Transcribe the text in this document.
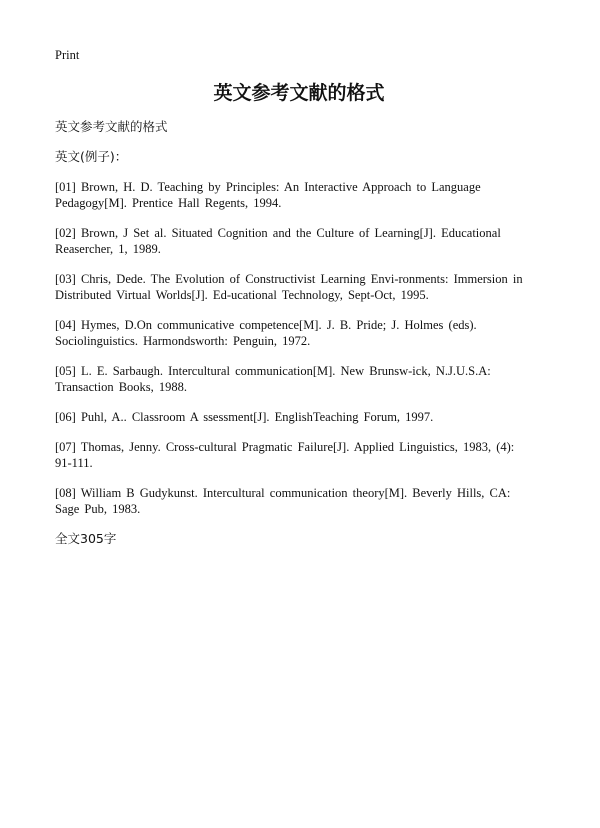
Print
英文参考文献的格式
英文参考文献的格式
英文(例子)：
[01] Brown, H. D. Teaching by Principles: An Interactive Approach to Language
Pedagogy[M]. Prentice Hall Regents, 1994.
[02] Brown, J Set al. Situated Cognition and the Culture of Learning[J]. Educational
Reasercher, 1, 1989.
[03] Chris, Dede. The Evolution of Constructivist Learning Envi-ronments: Immersion in
Distributed Virtual Worlds[J]. Ed-ucational Technology, Sept-Oct, 1995.
[04] Hymes, D.On communicative competence[M]. J. B. Pride; J. Holmes (eds).
Sociolinguistics. Harmondsworth: Penguin, 1972.
[05] L. E. Sarbaugh. Intercultural communication[M]. New Brunsw-ick, N.J.U.S.A:
Transaction Books, 1988.
[06] Puhl, A.. Classroom A ssessment[J]. EnglishTeaching Forum, 1997.
[07] Thomas, Jenny. Cross-cultural Pragmatic Failure[J]. Applied Linguistics, 1983, (4):
91-111.
[08] William B Gudykunst. Intercultural communication theory[M]. Beverly Hills, CA:
Sage Pub, 1983.
全文305字
